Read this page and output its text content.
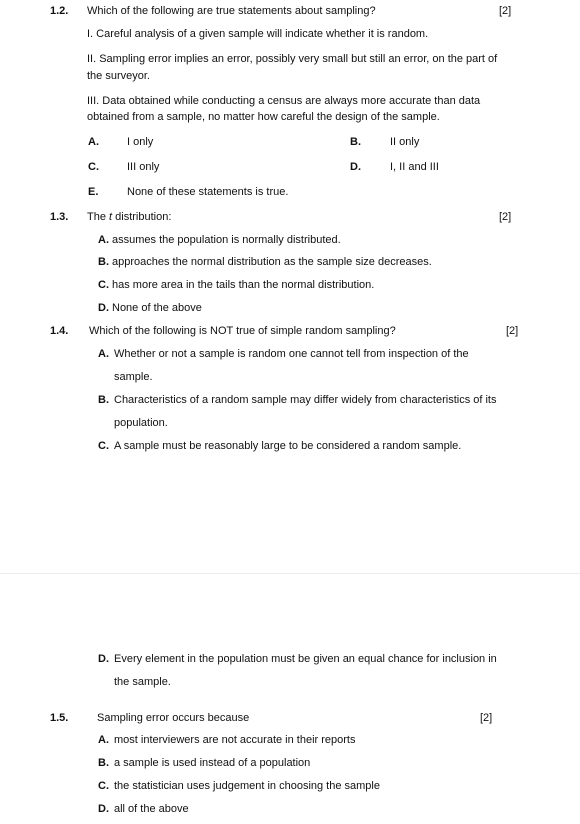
1.2. Which of the following are true statements about sampling?	[2]
I. Careful analysis of a given sample will indicate whether it is random.
II. Sampling error implies an error, possibly very small but still an error, on the part of
the surveyor.
III. Data obtained while conducting a census are always more accurate than data
obtained from a sample, no matter how careful the design of the sample.
A.	I only	B.	II only
C.	III only	D.	I, II and III
E.	None of these statements is true.
1.3. The t distribution:	[2]
A. assumes the population is normally distributed.
B. approaches the normal distribution as the sample size decreases.
C. has more area in the tails than the normal distribution.
D. None of the above
1.4. Which of the following is NOT true of simple random sampling?	[2]
A. Whether or not a sample is random one cannot tell from inspection of the
sample.
B. Characteristics of a random sample may differ widely from characteristics of its
population.
C. A sample must be reasonably large to be considered a random sample.
D. Every element in the population must be given an equal chance for inclusion in
the sample.
1.5.	Sampling error occurs because	[2]
A. most interviewers are not accurate in their reports
B. a sample is used instead of a population
C. the statistician uses judgement in choosing the sample
D. all of the above
